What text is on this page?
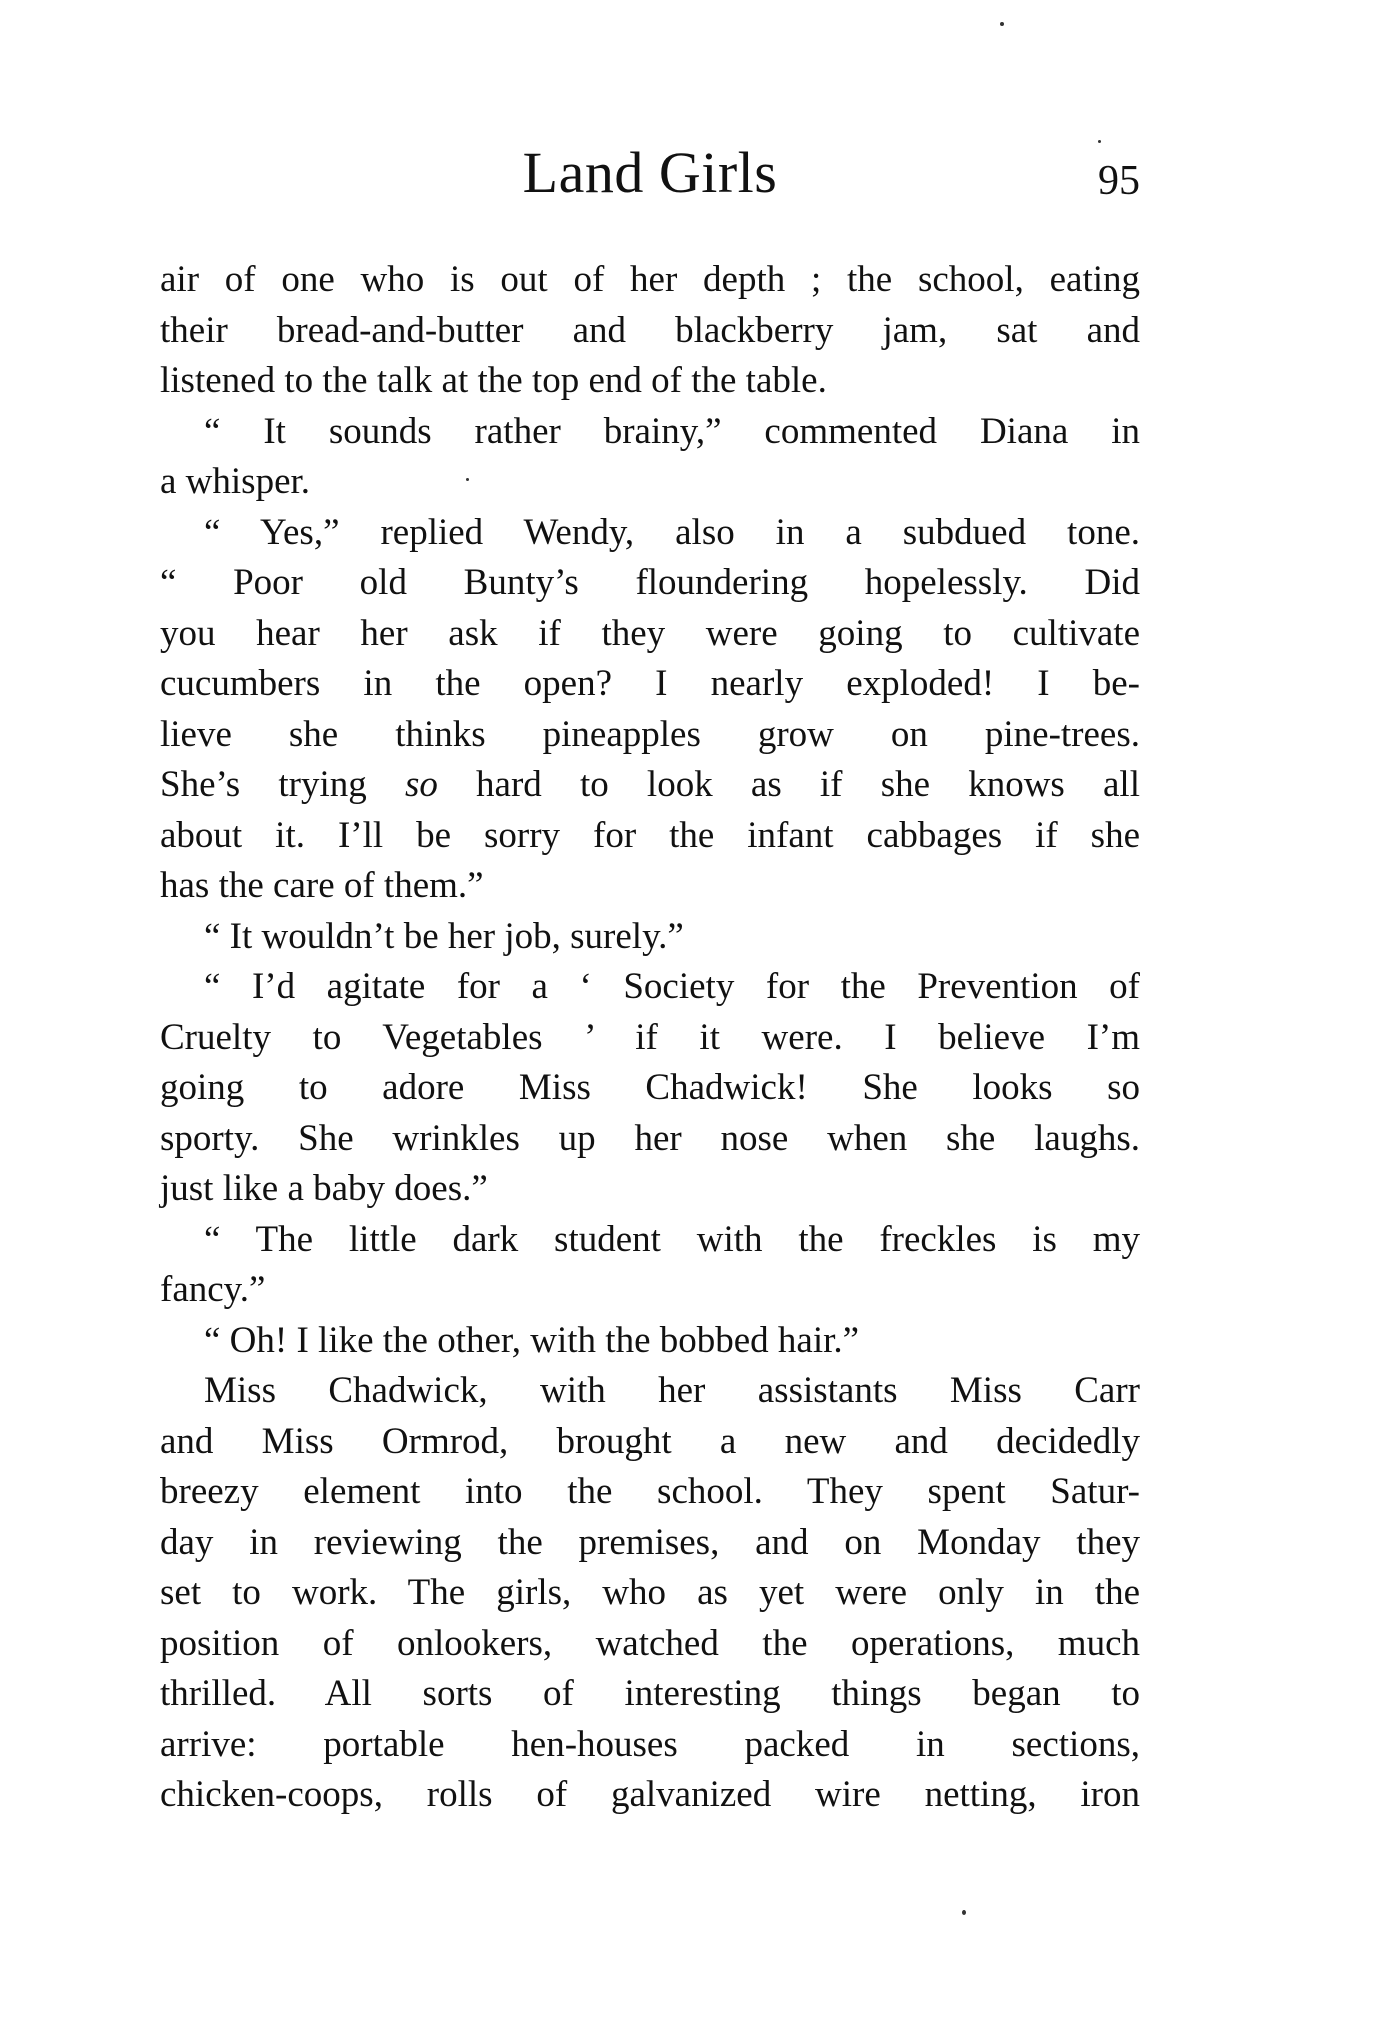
Land Girls	95
air of one who is out of her depth ; the school, eating
their bread-and-butter and blackberry jam, sat and
listened to the talk at the top end of the table.
“ It sounds rather brainy,” commented Diana in
a whisper.
“ Yes,” replied Wendy, also in a subdued tone.
“ Poor old Bunty’s floundering hopelessly. Did
you hear her ask if they were going to cultivate
cucumbers in the open? I nearly exploded! I be-
lieve she thinks pineapples grow on pine-trees.
She’s trying so hard to look as if she knows all
about it. I’ll be sorry for the infant cabbages if she
has the care of them.”
“ It wouldn’t be her job, surely.”
“ I’d agitate for a ‘ Society for the Prevention of
Cruelty to Vegetables ’ if it were. I believe I’m
going to adore Miss Chadwick! She looks so
sporty. She wrinkles up her nose when she laughs.
just like a baby does.”
“ The little dark student with the freckles is my
fancy.”
“ Oh! I like the other, with the bobbed hair.”
Miss Chadwick, with her assistants Miss Carr
and Miss Ormrod, brought a new and decidedly
breezy element into the school. They spent Satur-
day in reviewing the premises, and on Monday they
set to work. The girls, who as yet were only in the
position of onlookers, watched the operations, much
thrilled. All sorts of interesting things began to
arrive: portable hen-houses packed in sections,
chicken-coops, rolls of galvanized wire netting, iron
